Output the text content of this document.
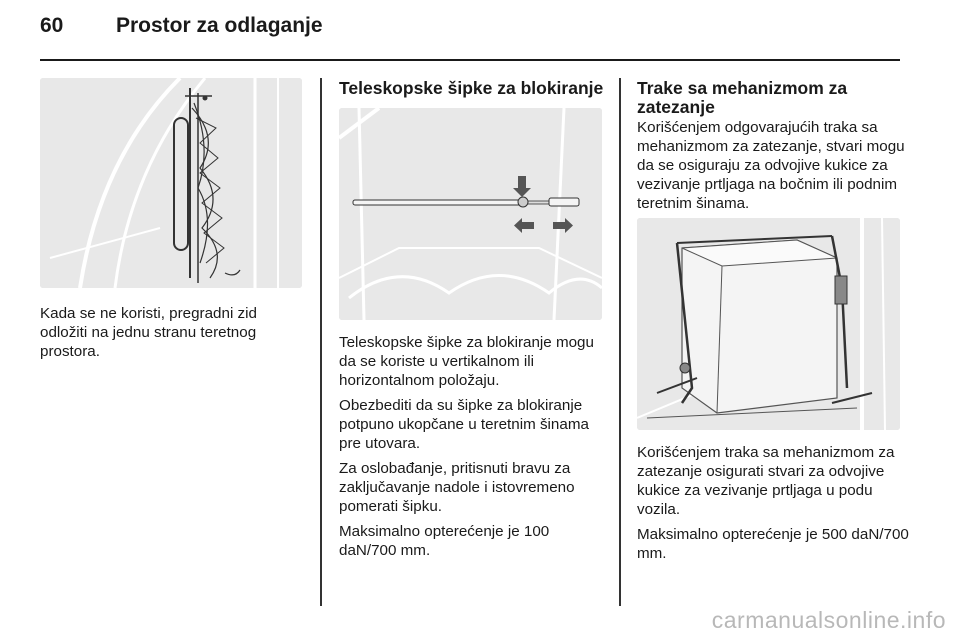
60	Prostor za odlaganje

Kada se ne koristi, pregradni zid odložiti na jednu stranu teretnog prostora.

Teleskopske šipke za blokiranje

Teleskopske šipke za blokiranje mogu da se koriste u vertikalnom ili horizontalnom položaju.

Obezbediti da su šipke za blokiranje potpuno ukopčane u teretnim šinama pre utovara.

Za oslobađanje, pritisnuti bravu za zaključavanje nadole i istovremeno pomerati šipku.

Maksimalno opterećenje je 100 daN/700 mm.

Trake sa mehanizmom za zatezanje

Korišćenjem odgovarajućih traka sa mehanizmom za zatezanje, stvari mogu da se osiguraju za odvojive kukice za vezivanje prtljaga na bočnim ili podnim teretnim šinama.

Korišćenjem traka sa mehanizmom za zatezanje osigurati stvari za odvojive kukice za vezivanje prtljaga u podu vozila.

Maksimalno opterećenje je 500 daN/700 mm.

carmanualsonline.info
